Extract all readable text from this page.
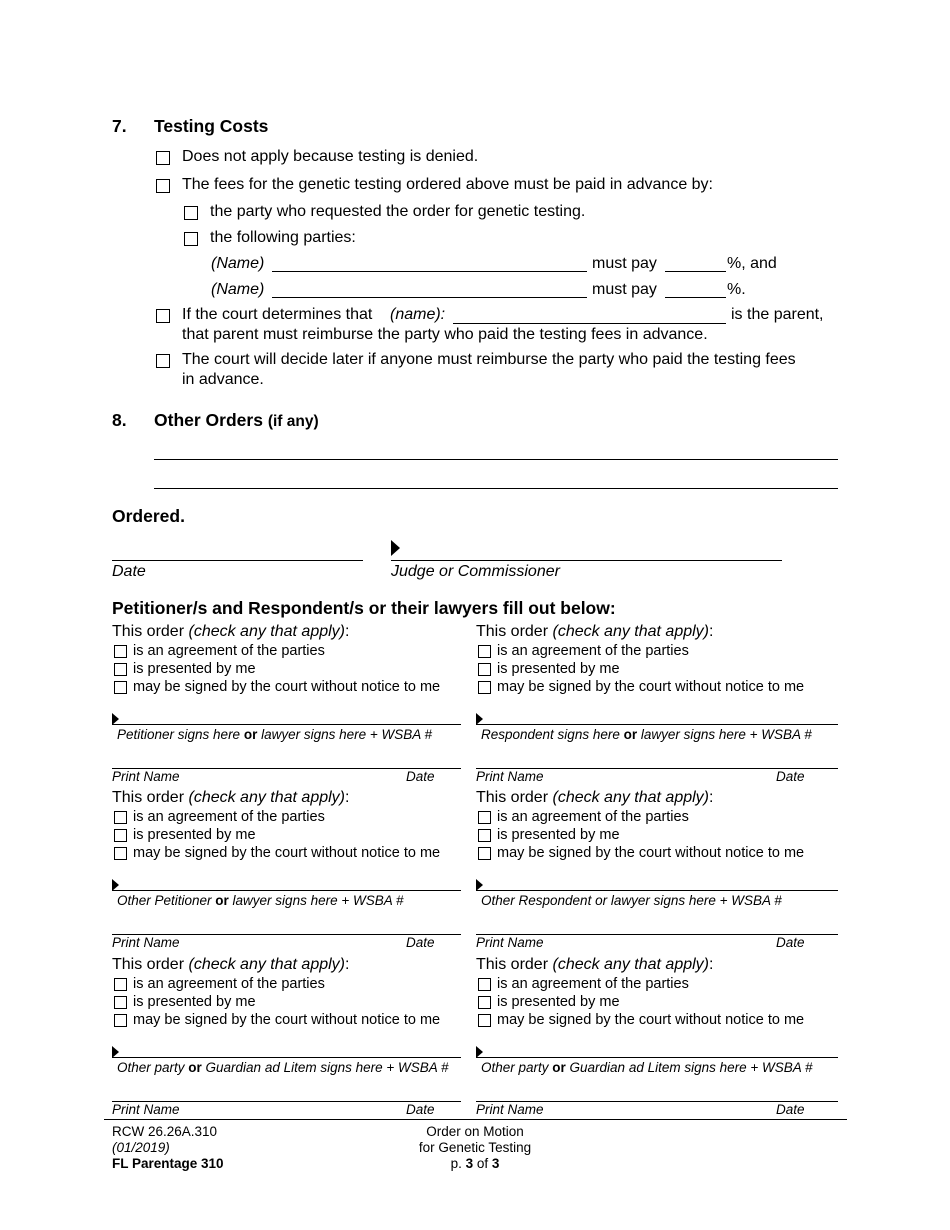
7. Testing Costs
Does not apply because testing is denied.
The fees for the genetic testing ordered above must be paid in advance by:
the party who requested the order for genetic testing.
the following parties:
(Name)	must pay	%, and
(Name)	must pay	%.
If the court determines that (name):	is the parent,
that parent must reimburse the party who paid the testing fees in advance.
The court will decide later if anyone must reimburse the party who paid the testing fees
in advance.
8. Other Orders (if any)
Ordered.
Date	Judge or Commissioner
Petitioner/s and Respondent/s or their lawyers fill out below:
This order (check any that apply):
is an agreement of the parties
is presented by me
may be signed by the court without notice to me
Petitioner signs here or lawyer signs here + WSBA #
Print Name	Date
This order (check any that apply):
is an agreement of the parties
is presented by me
may be signed by the court without notice to me
Respondent signs here or lawyer signs here + WSBA #
Print Name	Date
This order (check any that apply):
is an agreement of the parties
is presented by me
may be signed by the court without notice to me
Other Petitioner or lawyer signs here + WSBA #
Print Name	Date
This order (check any that apply):
is an agreement of the parties
is presented by me
may be signed by the court without notice to me
Other Respondent or lawyer signs here + WSBA #
Print Name	Date
This order (check any that apply):
is an agreement of the parties
is presented by me
may be signed by the court without notice to me
Other party or Guardian ad Litem signs here + WSBA #
Print Name	Date
This order (check any that apply):
is an agreement of the parties
is presented by me
may be signed by the court without notice to me
Other party or Guardian ad Litem signs here + WSBA #
Print Name	Date
RCW 26.26A.310
(01/2019)
FL Parentage 310
Order on Motion
for Genetic Testing
p. 3 of 3
